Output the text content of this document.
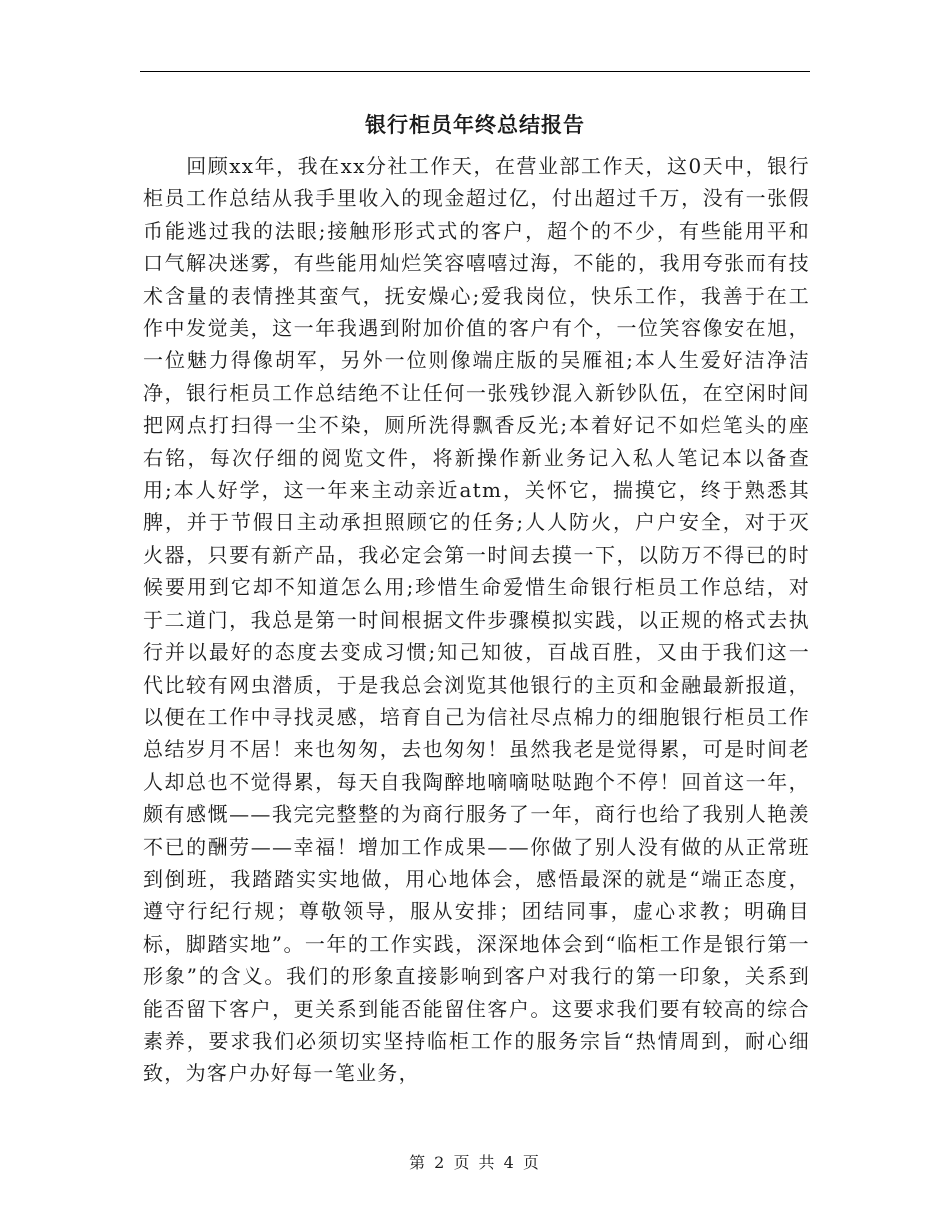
银行柜员年终总结报告

回顾xx年，我在xx分社工作天，在营业部工作天，这0天中，银行柜员工作总结从我手里收入的现金超过亿，付出超过千万，没有一张假币能逃过我的法眼;接触形形式式的客户，超个的不少，有些能用平和口气解决迷雾，有些能用灿烂笑容嘻嘻过海，不能的，我用夸张而有技术含量的表情挫其蛮气，抚安燥心;爱我岗位，快乐工作，我善于在工作中发觉美，这一年我遇到附加价值的客户有个，一位笑容像安在旭，一位魅力得像胡军，另外一位则像端庄版的吴雁祖;本人生爱好洁净洁净，银行柜员工作总结绝不让任何一张残钞混入新钞队伍，在空闲时间把网点打扫得一尘不染，厕所洗得飘香反光;本着好记不如烂笔头的座右铭，每次仔细的阅览文件，将新操作新业务记入私人笔记本以备查用;本人好学，这一年来主动亲近atm，关怀它，揣摸它，终于熟悉其脾，并于节假日主动承担照顾它的任务;人人防火，户户安全，对于灭火器，只要有新产品，我必定会第一时间去摸一下，以防万不得已的时候要用到它却不知道怎么用;珍惜生命爱惜生命银行柜员工作总结，对于二道门，我总是第一时间根据文件步骤模拟实践，以正规的格式去执行并以最好的态度去变成习惯;知己知彼，百战百胜，又由于我们这一代比较有网虫潜质，于是我总会浏览其他银行的主页和金融最新报道，以便在工作中寻找灵感，培育自己为信社尽点棉力的细胞银行柜员工作总结岁月不居！来也匆匆，去也匆匆！虽然我老是觉得累，可是时间老人却总也不觉得累，每天自我陶醉地嘀嘀哒哒跑个不停！回首这一年，颇有感慨——我完完整整的为商行服务了一年，商行也给了我别人艳羡不已的酬劳——幸福！增加工作成果——你做了别人没有做的从正常班到倒班，我踏踏实实地做，用心地体会，感悟最深的就是“端正态度，遵守行纪行规；尊敬领导，服从安排；团结同事，虚心求教；明确目标，脚踏实地”。一年的工作实践，深深地体会到“临柜工作是银行第一形象”的含义。我们的形象直接影响到客户对我行的第一印象，关系到能否留下客户，更关系到能否能留住客户。这要求我们要有较高的综合素养，要求我们必须切实坚持临柜工作的服务宗旨“热情周到，耐心细致，为客户办好每一笔业务，

第 2 页 共 4 页
